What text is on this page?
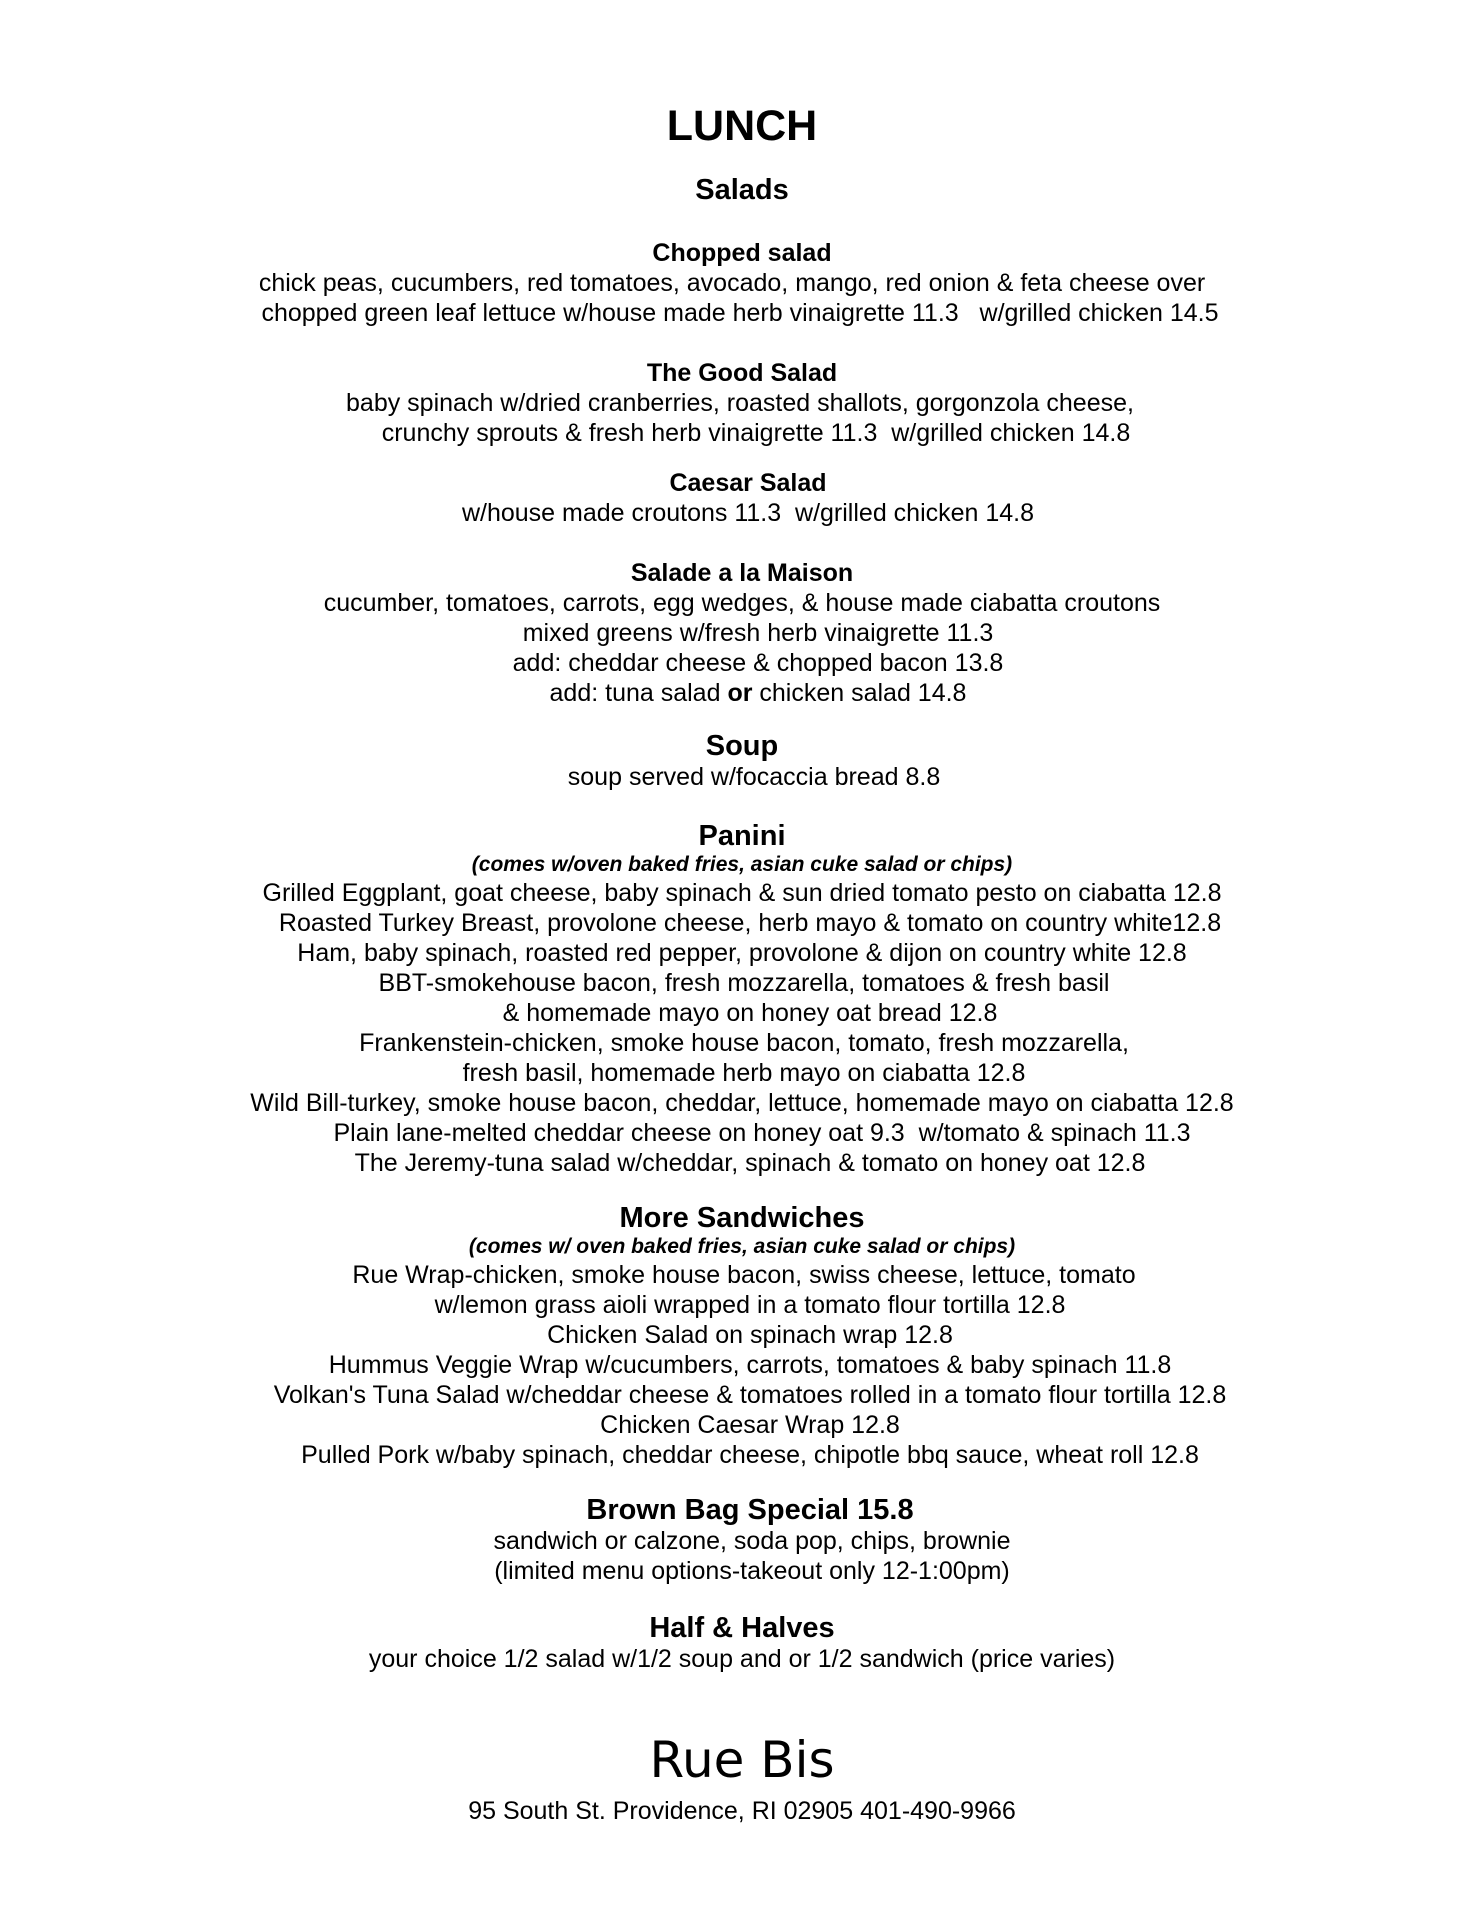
LUNCH
Salads
Chopped salad
chick peas, cucumbers, red tomatoes, avocado, mango, red onion & feta cheese over
chopped green leaf lettuce w/house made herb vinaigrette 11.3   w/grilled chicken 14.5
The Good Salad
baby spinach w/dried cranberries, roasted shallots, gorgonzola cheese,
crunchy sprouts & fresh herb vinaigrette 11.3  w/grilled chicken 14.8
Caesar Salad
w/house made croutons 11.3  w/grilled chicken 14.8
Salade a la Maison
cucumber, tomatoes, carrots, egg wedges, & house made ciabatta croutons
mixed greens w/fresh herb vinaigrette 11.3
add: cheddar cheese & chopped bacon 13.8
add: tuna salad or chicken salad 14.8
Soup
soup served w/focaccia bread 8.8
Panini
(comes w/oven baked fries, asian cuke salad or chips)
Grilled Eggplant, goat cheese, baby spinach & sun dried tomato pesto on ciabatta 12.8
Roasted Turkey Breast, provolone cheese, herb mayo & tomato on country white12.8
Ham, baby spinach, roasted red pepper, provolone & dijon on country white 12.8
BBT-smokehouse bacon, fresh mozzarella, tomatoes & fresh basil
& homemade mayo on honey oat bread 12.8
Frankenstein-chicken, smoke house bacon, tomato, fresh mozzarella,
fresh basil, homemade herb mayo on ciabatta 12.8
Wild Bill-turkey, smoke house bacon, cheddar, lettuce, homemade mayo on ciabatta 12.8
Plain lane-melted cheddar cheese on honey oat 9.3  w/tomato & spinach 11.3
The Jeremy-tuna salad w/cheddar, spinach & tomato on honey oat 12.8
More Sandwiches
(comes w/ oven baked fries, asian cuke salad or chips)
Rue Wrap-chicken, smoke house bacon, swiss cheese, lettuce, tomato
w/lemon grass aioli wrapped in a tomato flour tortilla 12.8
Chicken Salad on spinach wrap 12.8
Hummus Veggie Wrap w/cucumbers, carrots, tomatoes & baby spinach 11.8
Volkan's Tuna Salad w/cheddar cheese & tomatoes rolled in a tomato flour tortilla 12.8
Chicken Caesar Wrap 12.8
Pulled Pork w/baby spinach, cheddar cheese, chipotle bbq sauce, wheat roll 12.8
Brown Bag Special 15.8
sandwich or calzone, soda pop, chips, brownie
(limited menu options-takeout only 12-1:00pm)
Half & Halves
your choice 1/2 salad w/1/2 soup and or 1/2 sandwich (price varies)
Rue Bis
95 South St. Providence, RI 02905 401-490-9966
